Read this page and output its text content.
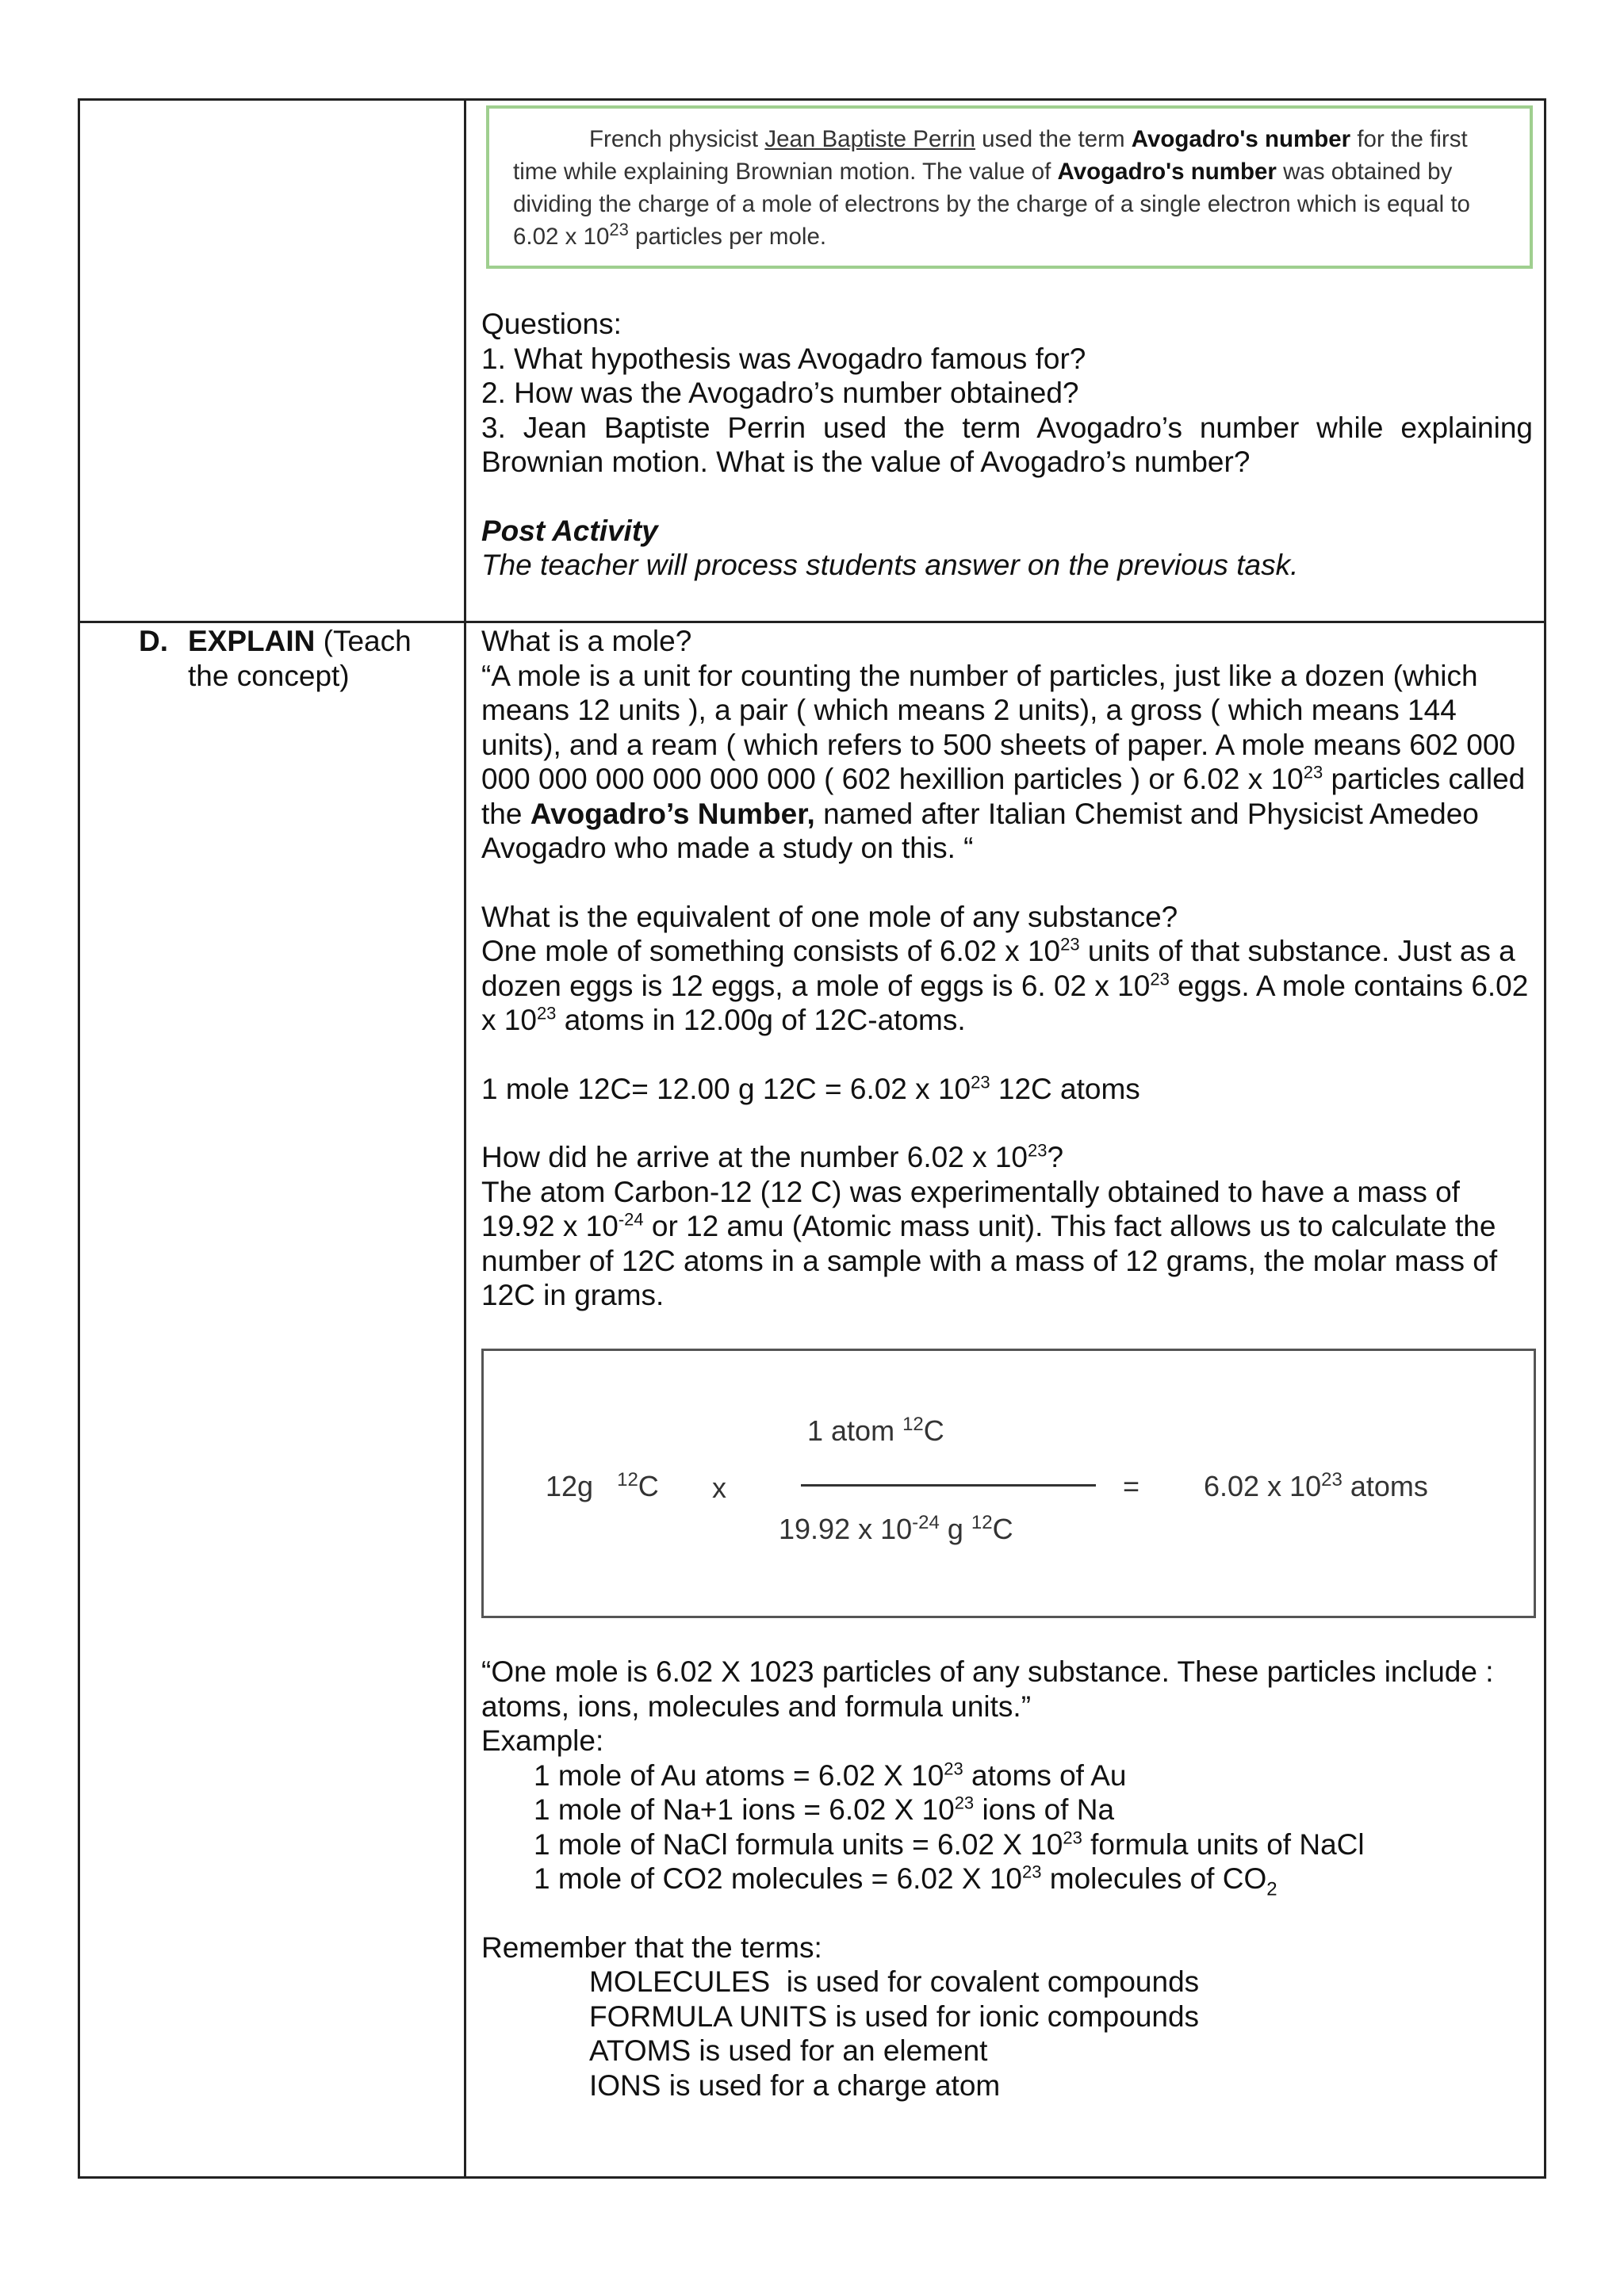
French physicist Jean Baptiste Perrin used the term Avogadro's number for the first

time while explaining Brownian motion. The value of Avogadro's number was obtained by

dividing the charge of a mole of electrons by the charge of a single electron which is equal to

6.02 x $10^{23}$ particles per mole.

Questions:

1. What hypothesis was Avogadro famous for?

2. How was the Avogadro’s number obtained?

3. Jean Baptiste Perrin used the term Avogadro’s number while explaining Brownian motion. What is the value of Avogadro’s number?

Post Activity

The teacher will process students answer on the previous task.

D. EXPLAIN (Teach

the concept)

What is a mole?

“A mole is a unit for counting the number of particles, just like a dozen (which means 12 units ), a pair ( which means 2 units), a gross ( which means 144 units), and a ream ( which refers to 500 sheets of paper. A mole means 602 000 000 000 000 000 000 000 ( 602 hexillion particles ) or 6.02 x $10^{23}$ particles called the Avogadro’s Number, named after Italian Chemist and Physicist Amedeo Avogadro who made a study on this. “

What is the equivalent of one mole of any substance?

One mole of something consists of 6.02 x $10^{23}$ units of that substance. Just as a dozen eggs is 12 eggs, a mole of eggs is 6. 02 x $10^{23}$ eggs. A mole contains 6.02 x $10^{23}$ atoms in 12.00g of 12C-atoms.

1 mole 12C= 12.00 g 12C = 6.02 x $10^{23}$ 12C atoms

How did he arrive at the number 6.02 x $10^{23}$?

The atom Carbon-12 (12 C) was experimentally obtained to have a mass of 19.92 x $10^{-24}$ or 12 amu (Atomic mass unit). This fact allows us to calculate the number of 12C atoms in a sample with a mass of 12 grams, the molar mass of 12C in grams.

12g $^{12}$C x
1 atom $^{12}$C
19.92 x $10^{-24}$ g $^{12}$C
= 6.02 x $10^{23}$ atoms

“One mole is 6.02 X 1023 particles of any substance. These particles include : atoms, ions, molecules and formula units.”

Example:

1 mole of Au atoms = 6.02 X $10^{23}$ atoms of Au

1 mole of Na+1 ions = 6.02 X $10^{23}$ ions of Na

1 mole of NaCl formula units = 6.02 X $10^{23}$ formula units of NaCl

1 mole of CO2 molecules = 6.02 X $10^{23}$ molecules of $CO_2$

Remember that the terms:

MOLECULES  is used for covalent compounds

FORMULA UNITS is used for ionic compounds

ATOMS is used for an element

IONS is used for a charge atom
